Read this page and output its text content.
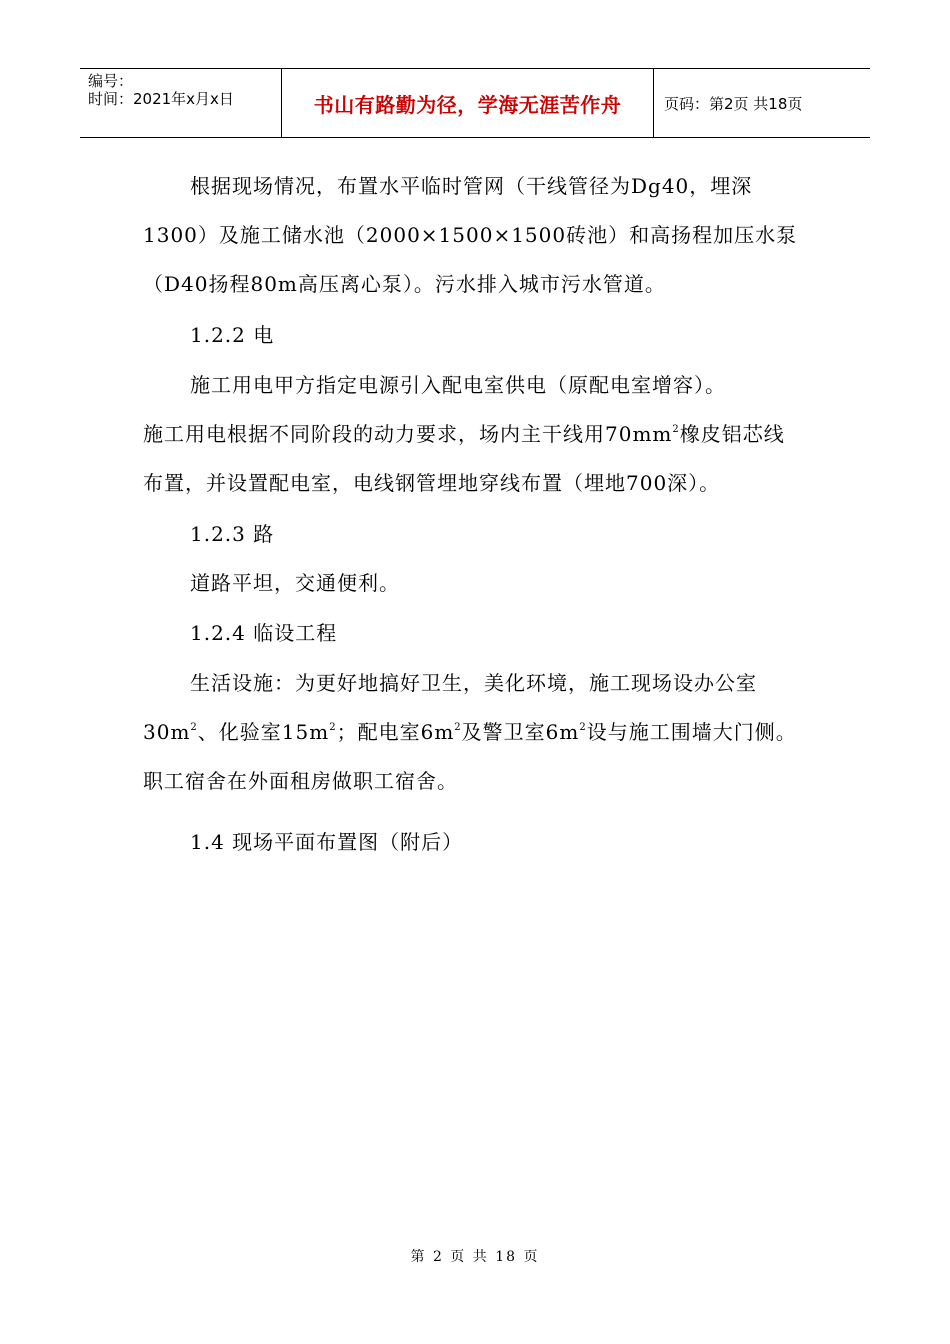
编号：
时间：2021年x月x日	书山有路勤为径，学海无涯苦作舟	页码：第2页 共18页
根据现场情况，布置水平临时管网（干线管径为Dg40，埋深
1300）及施工储水池（2000×1500×1500砖池）和高扬程加压水泵
（D40扬程80m高压离心泵）。污水排入城市污水管道。
1.2.2 电
施工用电甲方指定电源引入配电室供电（原配电室增容）。
施工用电根据不同阶段的动力要求，场内主干线用$70mm^2$橡皮铝芯线
布置，并设置配电室，电线钢管埋地穿线布置（埋地700深）。
1.2.3 路
道路平坦，交通便利。
1.2.4 临设工程
生活设施：为更好地搞好卫生，美化环境，施工现场设办公室
$30m^2$、化验室$15m^2$；配电室$6m^2$及警卫室$6m^2$设与施工围墙大门侧。
职工宿舍在外面租房做职工宿舍。
1.4 现场平面布置图（附后）
第 2 页 共 18 页
